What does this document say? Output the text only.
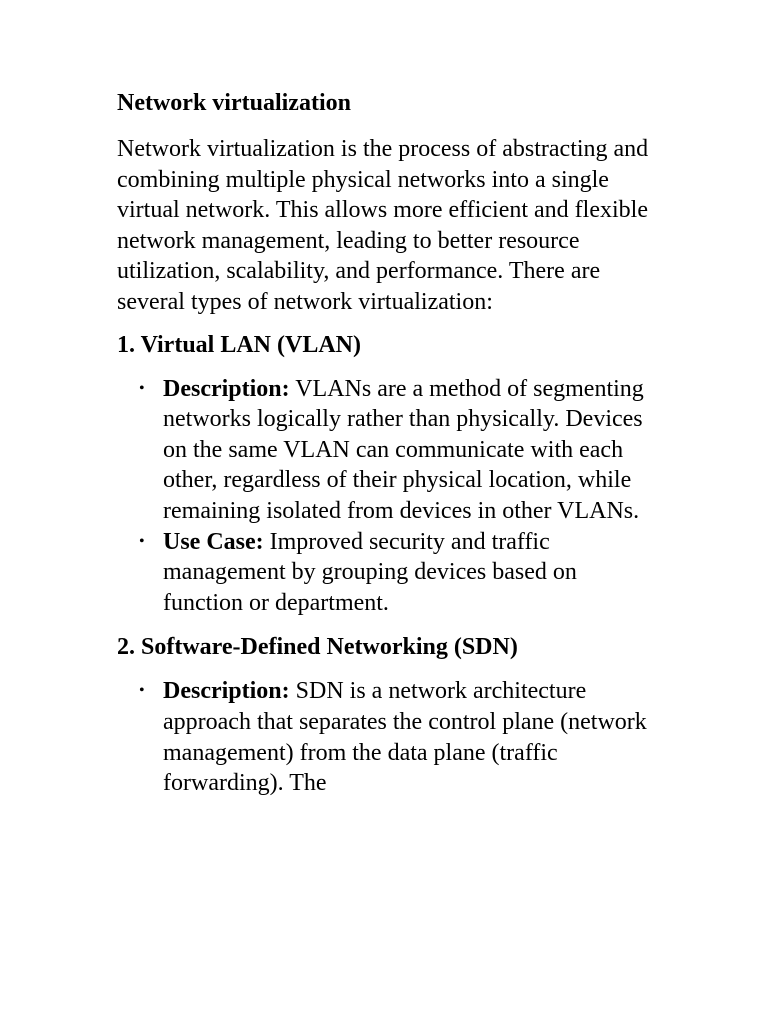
Network virtualization

Network virtualization is the process of abstracting and combining multiple physical networks into a single virtual network. This allows more efficient and flexible network management, leading to better resource utilization, scalability, and performance. There are several types of network virtualization:

1. Virtual LAN (VLAN)
• Description: VLANs are a method of segmenting networks logically rather than physically. Devices on the same VLAN can communicate with each other, regardless of their physical location, while remaining isolated from devices in other VLANs.
• Use Case: Improved security and traffic management by grouping devices based on function or department.
2. Software-Defined Networking (SDN)
• Description: SDN is a network architecture approach that separates the control plane (network management) from the data plane (traffic forwarding). The
